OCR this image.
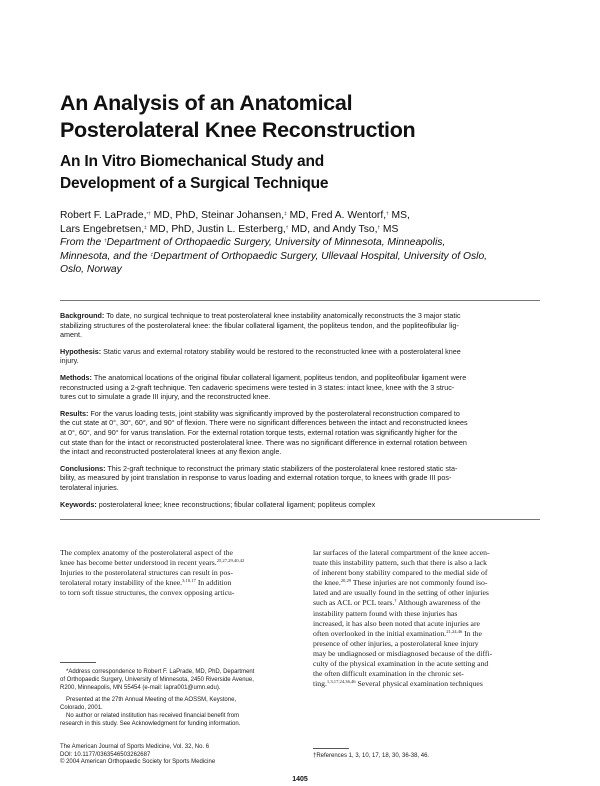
An Analysis of an Anatomical
Posterolateral Knee Reconstruction
An In Vitro Biomechanical Study and
Development of a Surgical Technique
Robert F. LaPrade,*† MD, PhD, Steinar Johansen,‡ MD, Fred A. Wentorf,† MS,
Lars Engebretsen,‡ MD, PhD, Justin L. Esterberg,† MD, and Andy Tso,† MS
From the †Department of Orthopaedic Surgery, University of Minnesota, Minneapolis,
Minnesota, and the ‡Department of Orthopaedic Surgery, Ullevaal Hospital, University of Oslo,
Oslo, Norway
Background: To date, no surgical technique to treat posterolateral knee instability anatomically reconstructs the 3 major static
stabilizing structures of the posterolateral knee: the fibular collateral ligament, the popliteus tendon, and the popliteofibular lig-
ament.
Hypothesis: Static varus and external rotatory stability would be restored to the reconstructed knee with a posterolateral knee
injury.
Methods: The anatomical locations of the original fibular collateral ligament, popliteus tendon, and popliteofibular ligament were
reconstructed using a 2-graft technique. Ten cadaveric specimens were tested in 3 states: intact knee, knee with the 3 struc-
tures cut to simulate a grade III injury, and the reconstructed knee.
Results: For the varus loading tests, joint stability was significantly improved by the posterolateral reconstruction compared to
the cut state at 0°, 30°, 60°, and 90° of flexion. There were no significant differences between the intact and reconstructed knees
at 0°, 60°, and 90° for varus translation. For the external rotation torque tests, external rotation was significantly higher for the
cut state than for the intact or reconstructed posterolateral knee. There was no significant difference in external rotation between
the intact and reconstructed posterolateral knees at any flexion angle.
Conclusions: This 2-graft technique to reconstruct the primary static stabilizers of the posterolateral knee restored static sta-
bility, as measured by joint translation in response to varus loading and external rotation torque, to knees with grade III pos-
terolateral injuries.
Keywords: posterolateral knee; knee reconstructions; fibular collateral ligament; popliteus complex
The complex anatomy of the posterolateral aspect of the
knee has become better understood in recent years.$^{25,27,29,40,42}$
Injuries to the posterolateral structures can result in pos-
terolateral rotary instability of the knee.$^{3,10,17}$ In addition
to torn soft tissue structures, the convex opposing articu-
lar surfaces of the lateral compartment of the knee accen-
tuate this instability pattern, such that there is also a lack
of inherent bony stability compared to the medial side of
the knee.$^{20,29}$ These injuries are not commonly found iso-
lated and are usually found in the setting of other injuries
such as ACL or PCL tears.† Although awareness of the
instability pattern found with these injuries has
increased, it has also been noted that acute injuries are
often overlooked in the initial examination.$^{21,24,46}$ In the
presence of other injuries, a posterolateral knee injury
may be undiagnosed or misdiagnosed because of the diffi-
culty of the physical examination in the acute setting and
the often difficult examination in the chronic set-
ting.$^{1,3,17,24,36,46}$ Several physical examination techniques
*Address correspondence to Robert F. LaPrade, MD, PhD, Department
of Orthopaedic Surgery, University of Minnesota, 2450 Riverside Avenue,
R200, Minneapolis, MN 55454 (e-mail: lapra001@umn.edu).
Presented at the 27th Annual Meeting of the AOSSM, Keystone,
Colorado, 2001.
No author or related institution has received financial benefit from
research in this study. See Acknowledgment for funding information.
The American Journal of Sports Medicine, Vol. 32, No. 6
DOI: 10.1177/0363546503262687
© 2004 American Orthopaedic Society for Sports Medicine
†References 1, 3, 10, 17, 18, 30, 36-38, 46.
1405
